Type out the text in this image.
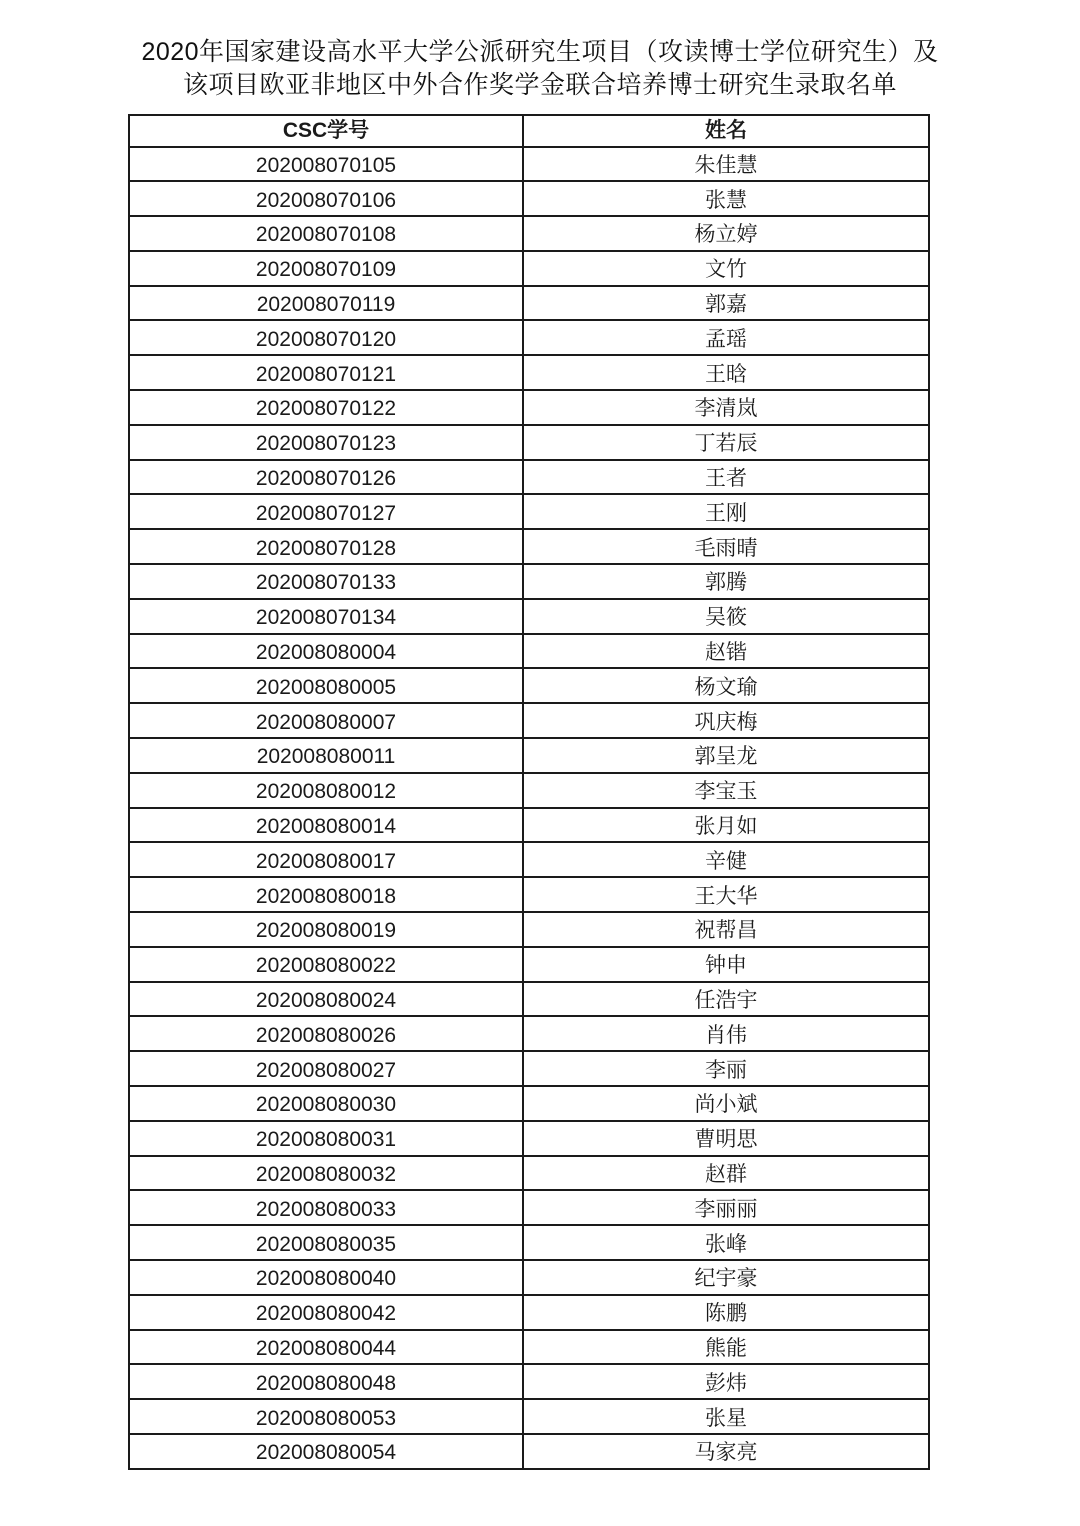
2020年国家建设高水平大学公派研究生项目（攻读博士学位研究生）及
该项目欧亚非地区中外合作奖学金联合培养博士研究生录取名单
CSC学号	姓名
202008070105	朱佳慧
202008070106	张慧
202008070108	杨立婷
202008070109	文竹
202008070119	郭嘉
202008070120	孟瑶
202008070121	王晗
202008070122	李清岚
202008070123	丁若辰
202008070126	王者
202008070127	王刚
202008070128	毛雨晴
202008070133	郭腾
202008070134	吴筱
202008080004	赵锴
202008080005	杨文瑜
202008080007	巩庆梅
202008080011	郭呈龙
202008080012	李宝玉
202008080014	张月如
202008080017	辛健
202008080018	王大华
202008080019	祝帮昌
202008080022	钟申
202008080024	任浩宇
202008080026	肖伟
202008080027	李丽
202008080030	尚小斌
202008080031	曹明思
202008080032	赵群
202008080033	李丽丽
202008080035	张峰
202008080040	纪宇豪
202008080042	陈鹏
202008080044	熊能
202008080048	彭炜
202008080053	张星
202008080054	马家亮
